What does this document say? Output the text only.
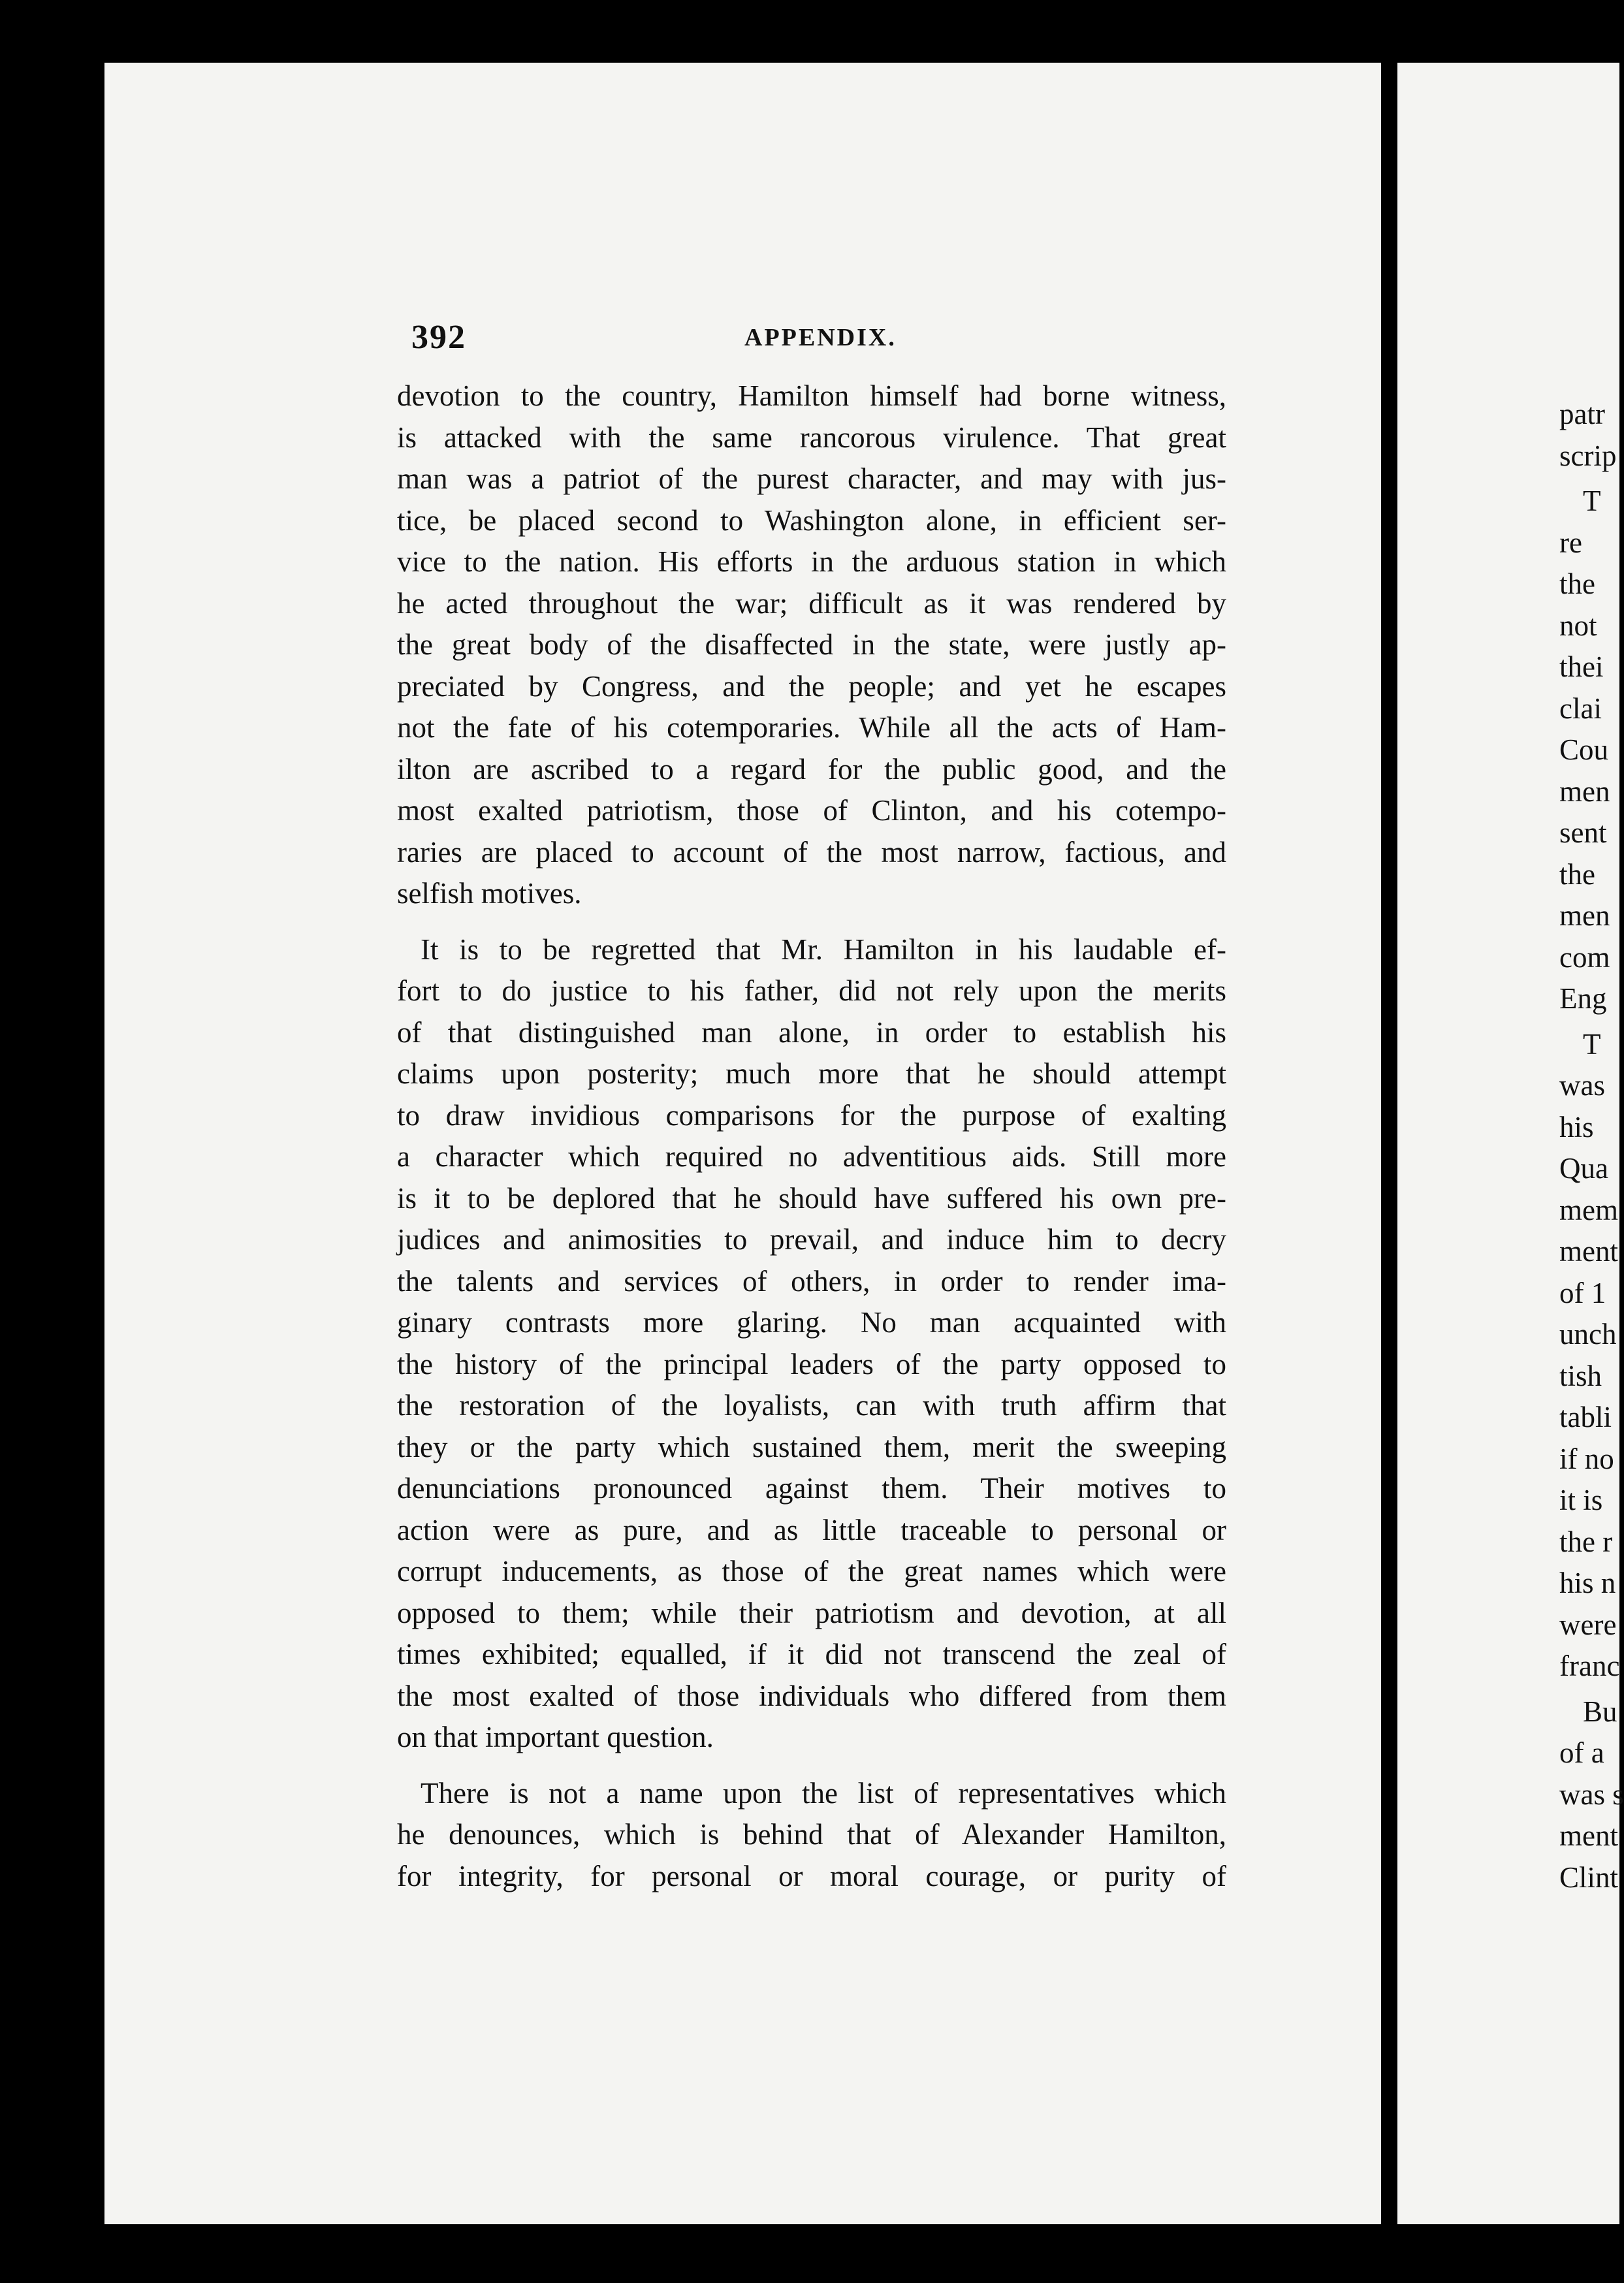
392	APPENDIX.
devotion to the country, Hamilton himself had borne witness,
is attacked with the same rancorous virulence. That great
man was a patriot of the purest character, and may with jus-
tice, be placed second to Washington alone, in efficient ser-
vice to the nation. His efforts in the arduous station in which
he acted throughout the war; difficult as it was rendered by
the great body of the disaffected in the state, were justly ap-
preciated by Congress, and the people; and yet he escapes
not the fate of his cotemporaries. While all the acts of Ham-
ilton are ascribed to a regard for the public good, and the
most exalted patriotism, those of Clinton, and his cotempo-
raries are placed to account of the most narrow, factious, and
selfish motives.
It is to be regretted that Mr. Hamilton in his laudable ef-
fort to do justice to his father, did not rely upon the merits
of that distinguished man alone, in order to establish his
claims upon posterity; much more that he should attempt
to draw invidious comparisons for the purpose of exalting
a character which required no adventitious aids. Still more
is it to be deplored that he should have suffered his own pre-
judices and animosities to prevail, and induce him to decry
the talents and services of others, in order to render ima-
ginary contrasts more glaring. No man acquainted with
the history of the principal leaders of the party opposed to
the restoration of the loyalists, can with truth affirm that
they or the party which sustained them, merit the sweeping
denunciations pronounced against them. Their motives to
action were as pure, and as little traceable to personal or
corrupt inducements, as those of the great names which were
opposed to them; while their patriotism and devotion, at all
times exhibited; equalled, if it did not transcend the zeal of
the most exalted of those individuals who differed from them
on that important question.
There is not a name upon the list of representatives which
he denounces, which is behind that of Alexander Hamilton,
for integrity, for personal or moral courage, or purity of
patr
scrip
T
re
the
not
thei
clai
Cou
men
sent
the
men
com
Eng
T
was
his
Qua
mem
ment
of 1
unch
tish
tabli
if no
it is
the r
his n
were
franc
Bu
of a
was s
ment
Clint
